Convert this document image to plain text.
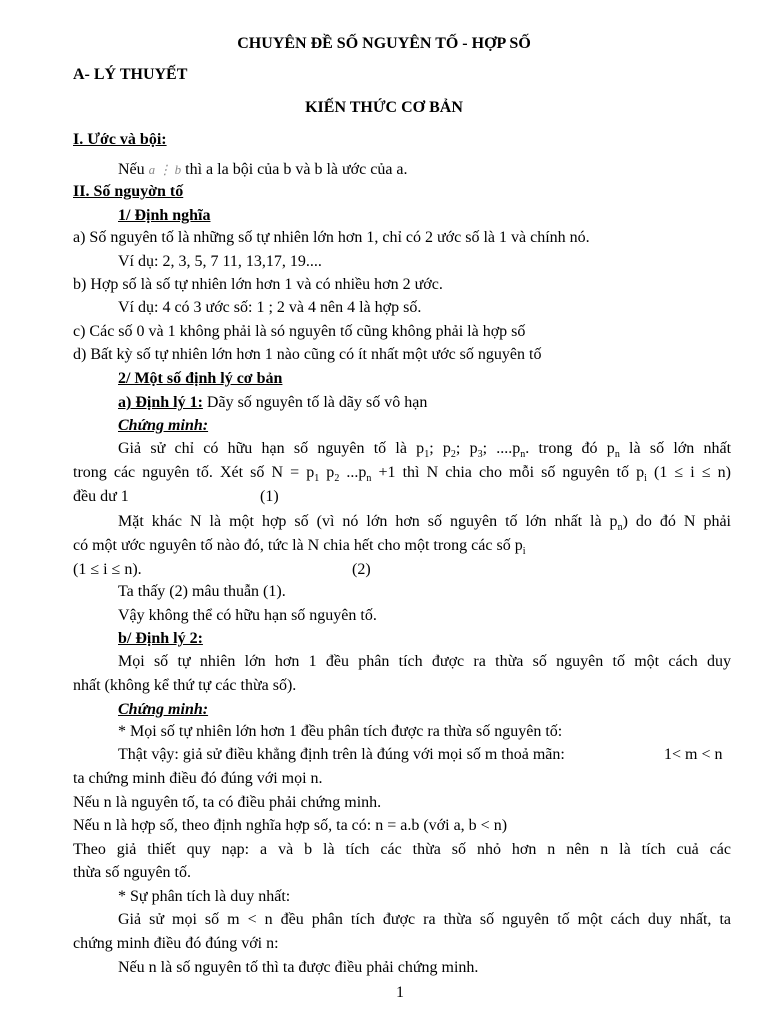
CHUYÊN ĐỀ SỐ NGUYÊN TỐ - HỢP SỐ
A- LÝ THUYẾT
KIẾN THỨC CƠ BẢN
I. Ước và bội:
Nếu a ⋮ b thì a la bội của b và b là ước của a.
II. Số nguyờn tố
1/ Định nghĩa
a) Số nguyên tố là những số tự nhiên lớn hơn 1, chỉ có 2 ước số là 1 và chính nó.
Ví dụ: 2, 3, 5, 7 11, 13,17, 19....
b) Hợp số là số tự nhiên lớn hơn 1 và có nhiều hơn 2 ước.
Ví dụ: 4 có 3 ước số: 1 ; 2 và 4 nên 4 là hợp số.
c) Các số 0 và 1 không phải là só nguyên tố cũng không phải là hợp số
d) Bất kỳ số tự nhiên lớn hơn 1 nào cũng có ít nhất một ước số nguyên tố
2/ Một số định lý cơ bản
a) Định lý 1: Dãy số nguyên tố là dãy số vô hạn
Chứng minh:
Giả sử chỉ có hữu hạn số nguyên tố là $p_1$; $p_2$; $p_3$; $....p_n$. trong đó $p_n$ là số lớn nhất
trong các nguyên tố. Xét số $N = p_1$ $p_2$ $...p_n +1$ thì N chia cho mỗi số nguyên tố $p_i$ (1 ≤ i ≤ n)
đều dư 1	(1)
Mặt khác N là một hợp số (vì nó lớn hơn số nguyên tố lớn nhất là $p_n$) do đó N phải
có một ước nguyên tố nào đó, tức là N chia hết cho một trong các số $p_i$
(1 ≤ i ≤ n).	(2)
Ta thấy (2) mâu thuẫn (1).
Vậy không thể có hữu hạn số nguyên tố.
b/ Định lý 2:
Mọi số tự nhiên lớn hơn 1 đều phân tích được ra thừa số nguyên tố một cách duy
nhất (không kể thứ tự các thừa số).
Chứng minh:
* Mọi số tự nhiên lớn hơn 1 đều phân tích được ra thừa số nguyên tố:
Thật vậy: giả sử điều khẳng định trên là đúng với mọi số m thoả mãn:	1< m < n
ta chứng minh điều đó đúng với mọi n.
Nếu n là nguyên tố, ta có điều phải chứng minh.
Nếu n là hợp số, theo định nghĩa hợp số, ta có: n = a.b (với a, b < n)
Theo giả thiết quy nạp: a và b là tích các thừa số nhỏ hơn n nên n là tích cuả các
thừa số nguyên tố.
* Sự phân tích là duy nhất:
Giả sử mọi số m < n đều phân tích được ra thừa số nguyên tố một cách duy nhất, ta
chứng minh điều đó đúng với n:
Nếu n là số nguyên tố thì ta được điều phải chứng minh.
1
